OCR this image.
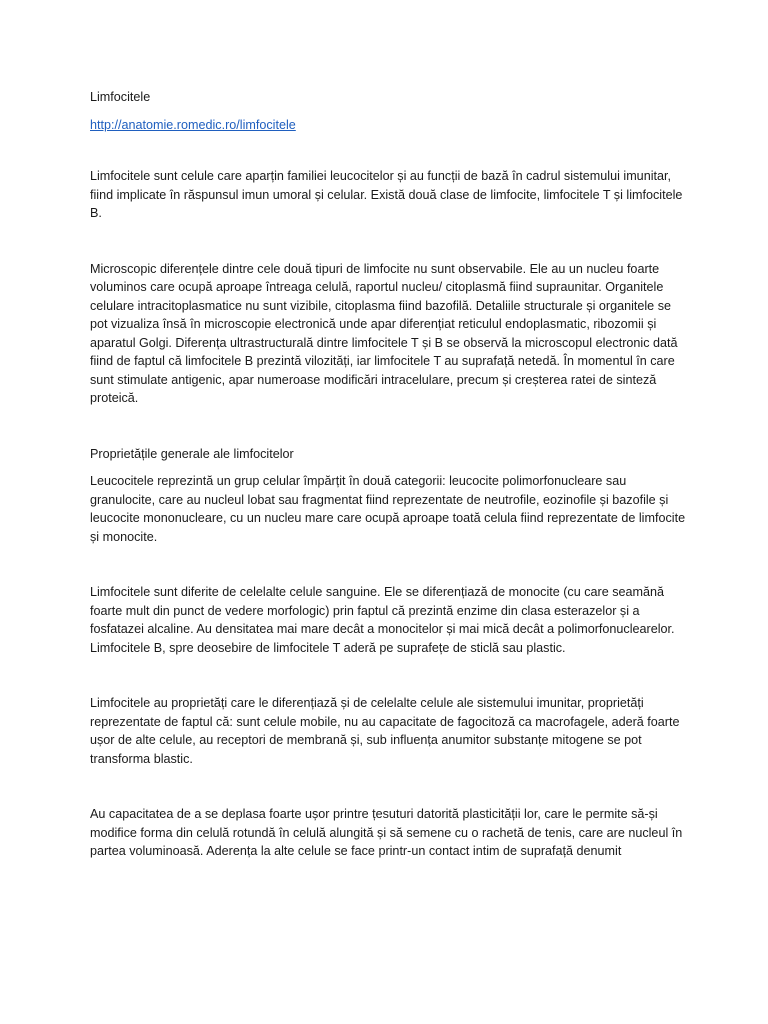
Limfocitele
http://anatomie.romedic.ro/limfocitele

Limfocitele sunt celule care aparțin familiei leucocitelor și au funcții de bază în cadrul sistemului imunitar, fiind implicate în răspunsul imun umoral și celular. Există două clase de limfocite, limfocitele T și limfocitele B.

Microscopic diferențele dintre cele două tipuri de limfocite nu sunt observabile. Ele au un nucleu foarte voluminos care ocupă aproape întreaga celulă, raportul nucleu/ citoplasmă fiind supraunitar. Organitele celulare intracitoplasmatice nu sunt vizibile, citoplasma fiind bazofilă. Detaliile structurale și organitele se pot vizualiza însă în microscopie electronică unde apar diferențiat reticulul endoplasmatic, ribozomii și aparatul Golgi. Diferența ultrastructurală dintre limfocitele T și B se observă la microscopul electronic dată fiind de faptul că limfocitele B prezintă vilozități, iar limfocitele T au suprafață netedă. În momentul în care sunt stimulate antigenic, apar numeroase modificări intracelulare, precum și creșterea ratei de sinteză proteică.

Proprietățile generale ale limfocitelor

Leucocitele reprezintă un grup celular împărțit în două categorii: leucocite polimorfonucleare sau granulocite, care au nucleul lobat sau fragmentat fiind reprezentate de neutrofile, eozinofile și bazofile și leucocite mononucleare, cu un nucleu mare care ocupă aproape toată celula fiind reprezentate de limfocite și monocite.

Limfocitele sunt diferite de celelalte celule sanguine. Ele se diferențiază de monocite (cu care seamănă foarte mult din punct de vedere morfologic) prin faptul că prezintă enzime din clasa esterazelor și a fosfatazei alcaline. Au densitatea mai mare decât a monocitelor și mai mică decât a polimorfonuclearelor. Limfocitele B, spre deosebire de limfocitele T aderă pe suprafețe de sticlă sau plastic.

Limfocitele au proprietăți care le diferențiază și de celelalte celule ale sistemului imunitar, proprietăți reprezentate de faptul că: sunt celule mobile, nu au capacitate de fagocitoză ca macrofagele, aderă foarte ușor de alte celule, au receptori de membrană și, sub influența anumitor substanțe mitogene se pot transforma blastic.

Au capacitatea de a se deplasa foarte ușor printre țesuturi datorită plasticității lor, care le permite să-și modifice forma din celulă rotundă în celulă alungită și să semene cu o rachetă de tenis, care are nucleul în partea voluminoasă. Aderența la alte celule se face printr-un contact intim de suprafață denumit
